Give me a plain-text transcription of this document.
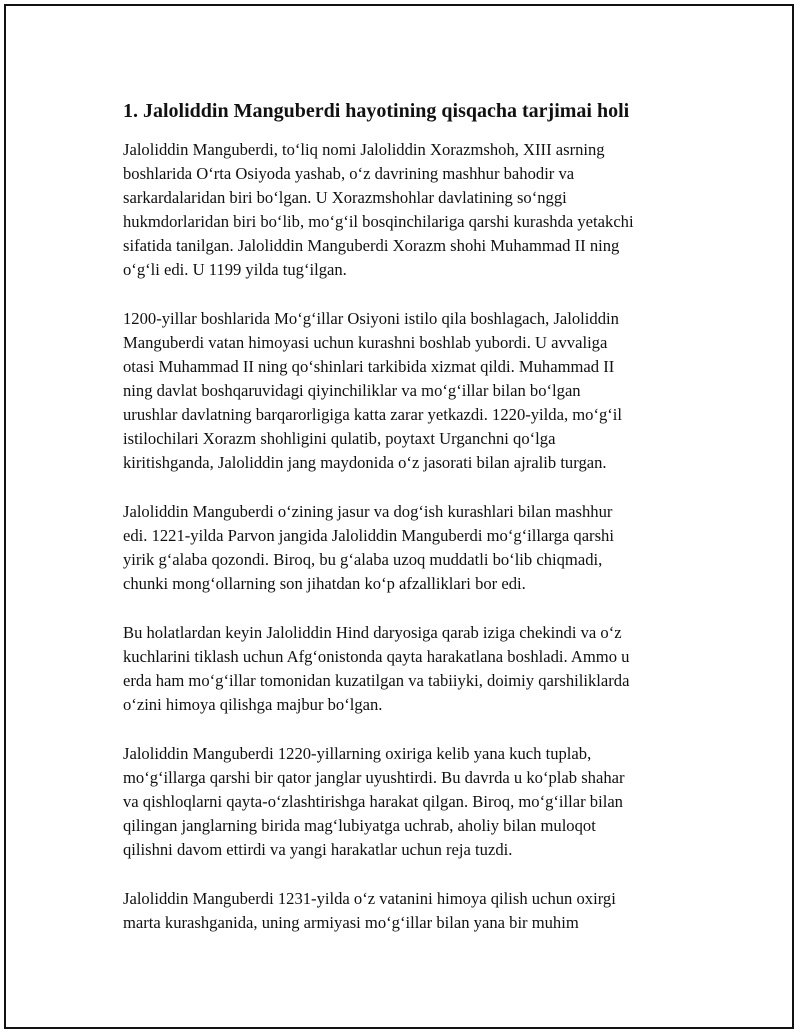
1. Jaloliddin Manguberdi hayotining qisqacha tarjimai holi

Jaloliddin Manguberdi, to‘liq nomi Jaloliddin Xorazmshoh, XIII asrning
boshlarida O‘rta Osiyoda yashab, o‘z davrining mashhur bahodir va
sarkardalaridan biri bo‘lgan. U Xorazmshohlar davlatining so‘nggi
hukmdorlaridan biri bo‘lib, mo‘g‘il bosqinchilariga qarshi kurashda yetakchi
sifatida tanilgan. Jaloliddin Manguberdi Xorazm shohi Muhammad II ning
o‘g‘li edi. U 1199 yilda tug‘ilgan.

1200-yillar boshlarida Mo‘g‘illar Osiyoni istilo qila boshlagach, Jaloliddin
Manguberdi vatan himoyasi uchun kurashni boshlab yubordi. U avvaliga
otasi Muhammad II ning qo‘shinlari tarkibida xizmat qildi. Muhammad II
ning davlat boshqaruvidagi qiyinchiliklar va mo‘g‘illar bilan bo‘lgan
urushlar davlatning barqarorligiga katta zarar yetkazdi. 1220-yilda, mo‘g‘il
istilochilari Xorazm shohligini qulatib, poytaxt Urganchni qo‘lga
kiritishganda, Jaloliddin jang maydonida o‘z jasorati bilan ajralib turgan.

Jaloliddin Manguberdi o‘zining jasur va dog‘ish kurashlari bilan mashhur
edi. 1221-yilda Parvon jangida Jaloliddin Manguberdi mo‘g‘illarga qarshi
yirik g‘alaba qozondi. Biroq, bu g‘alaba uzoq muddatli bo‘lib chiqmadi,
chunki mong‘ollarning son jihatdan ko‘p afzalliklari bor edi.

Bu holatlardan keyin Jaloliddin Hind daryosiga qarab iziga chekindi va o‘z
kuchlarini tiklash uchun Afg‘onistonda qayta harakatlana boshladi. Ammo u
erda ham mo‘g‘illar tomonidan kuzatilgan va tabiiyki, doimiy qarshiliklarda
o‘zini himoya qilishga majbur bo‘lgan.

Jaloliddin Manguberdi 1220-yillarning oxiriga kelib yana kuch tuplab,
mo‘g‘illarga qarshi bir qator janglar uyushtirdi. Bu davrda u ko‘plab shahar
va qishloqlarni qayta-o‘zlashtirishga harakat qilgan. Biroq, mo‘g‘illar bilan
qilingan janglarning birida mag‘lubiyatga uchrab, aholiy bilan muloqot
qilishni davom ettirdi va yangi harakatlar uchun reja tuzdi.

Jaloliddin Manguberdi 1231-yilda o‘z vatanini himoya qilish uchun oxirgi
marta kurashganida, uning armiyasi mo‘g‘illar bilan yana bir muhim
